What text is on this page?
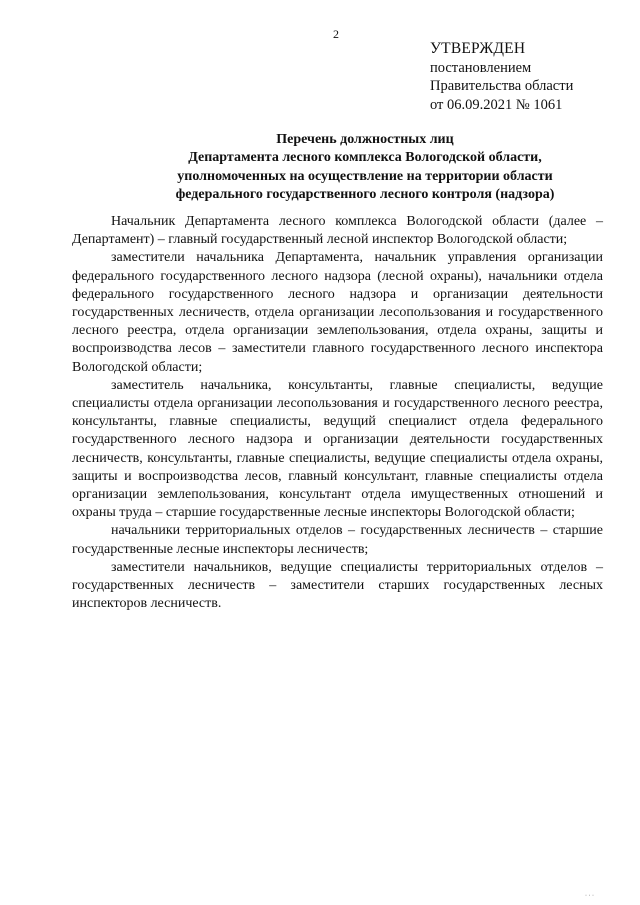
2
УТВЕРЖДЕН
постановлением
Правительства области
от 06.09.2021 № 1061
Перечень должностных лиц
Департамента лесного комплекса Вологодской области,
уполномоченных на осуществление на территории области
федерального государственного лесного контроля (надзора)

Начальник Департамента лесного комплекса Вологодской области (далее – Департамент) – главный государственный лесной инспектор Вологодской области;

заместители начальника Департамента, начальник управления организации федерального государственного лесного надзора (лесной охраны), начальники отдела федерального государственного лесного надзора и организации деятельности государственных лесничеств, отдела организации лесопользования и государственного лесного реестра, отдела организации землепользования, отдела охраны, защиты и воспроизводства лесов – заместители главного государственного лесного инспектора Вологодской области;

заместитель начальника, консультанты, главные специалисты, ведущие специалисты отдела организации лесопользования и государственного лесного реестра, консультанты, главные специалисты, ведущий специалист отдела федерального государственного лесного надзора и организации деятельности государственных лесничеств, консультанты, главные специалисты, ведущие специалисты отдела охраны, защиты и воспроизводства лесов, главный консультант, главные специалисты отдела организации землепользования, консультант отдела имущественных отношений и охраны труда – старшие государственные лесные инспекторы Вологодской области;

начальники территориальных отделов – государственных лесничеств – старшие государственные лесные инспекторы лесничеств;

заместители начальников, ведущие специалисты территориальных отделов – государственных лесничеств – заместители старших государственных лесных инспекторов лесничеств.

· · ·
